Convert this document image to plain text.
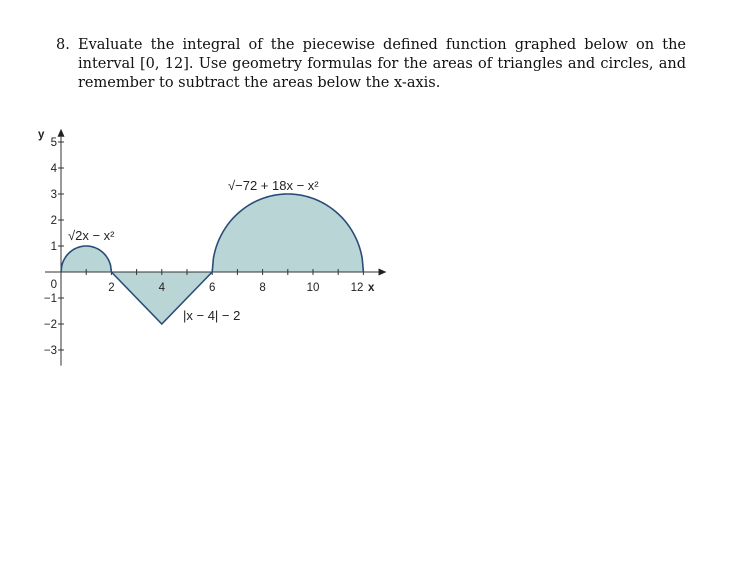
8. Evaluate the integral of the piecewise defined function graphed below on the interval [0, 12]. Use geometry formulas for the areas of triangles and circles, and remember to subtract the areas below the x-axis.
2	4	6	8	10	12
5
4
3
2
1
0
−1
−2
−3
√2x − x²
|x − 4| − 2
√−72 + 18x − x²
y
x
